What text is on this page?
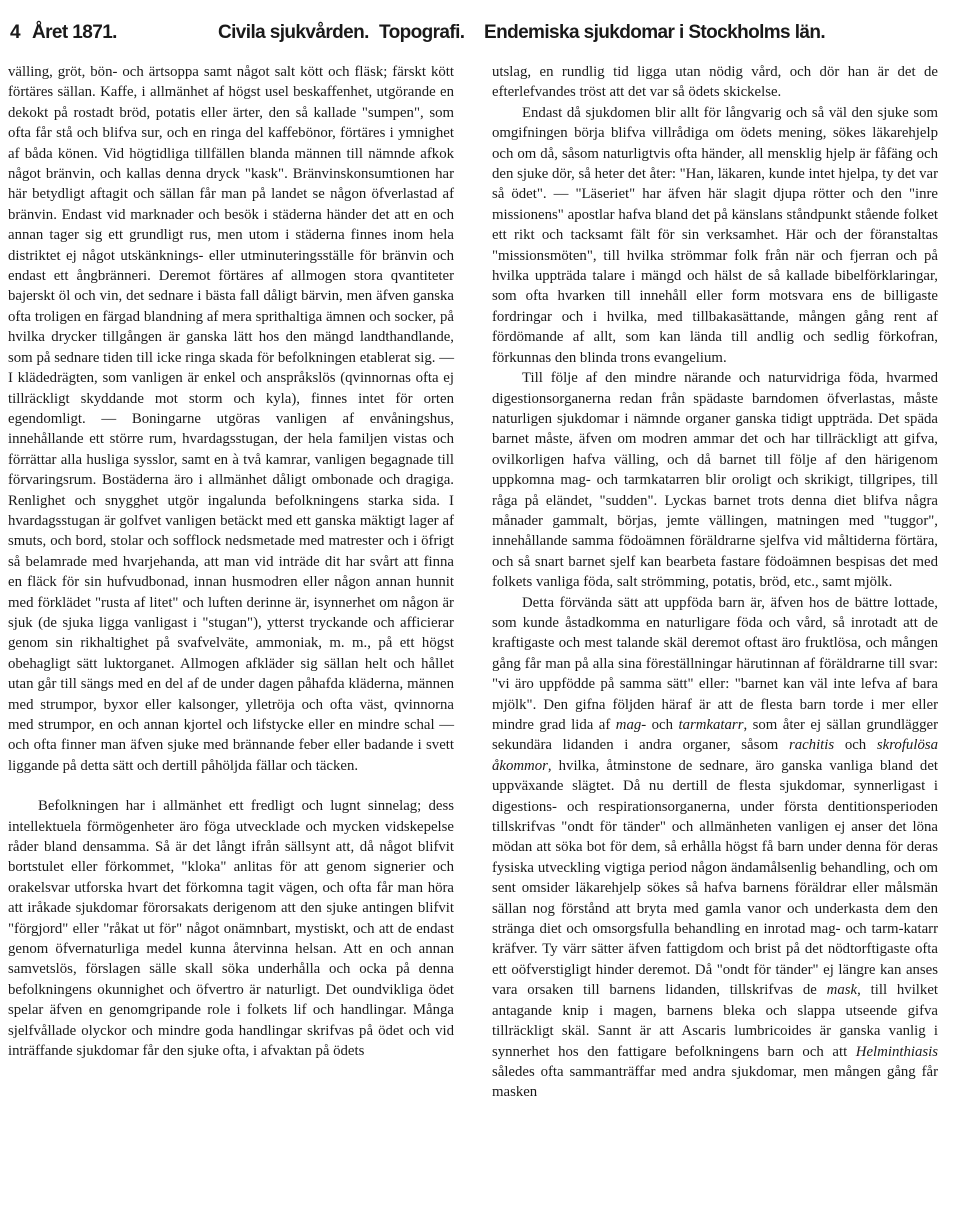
4 Året 1871.	Civila sjukvården. Topografi. Endemiska sjukdomar i Stockholms län.

välling, gröt, bön- och ärtsoppa samt något salt kött och fläsk; färskt kött förtäres sällan. Kaffe, i allmänhet af högst usel beskaffenhet, utgörande en dekokt på rostadt bröd, potatis eller ärter, den så kallade "sumpen", som ofta får stå och blifva sur, och en ringa del kaffebönor, förtäres i ymnighet af båda könen. Vid högtidliga tillfällen blanda männen till nämnde afkok något bränvin, och kallas denna dryck "kask". Bränvinskonsumtionen har här betydligt aftagit och sällan får man på landet se någon öfverlastad af bränvin. Endast vid marknader och besök i städerna händer det att en och annan tager sig ett grundligt rus, men utom i städerna finnes inom hela distriktet ej något utskänknings- eller utminuteringsställe för bränvin och endast ett ångbränneri. Deremot förtäres af allmogen stora qvantiteter bajerskt öl och vin, det sednare i bästa fall dåligt bärvin, men äfven ganska ofta troligen en färgad blandning af mera sprithaltiga ämnen och socker, på hvilka drycker tillgången är ganska lätt hos den mängd landthandlande, som på sednare tiden till icke ringa skada för befolkningen etablerat sig. — I klädedrägten, som vanligen är enkel och anspråkslös (qvinnornas ofta ej tillräckligt skyddande mot storm och kyla), finnes intet för orten egendomligt. — Boningarne utgöras vanligen af envåningshus, innehållande ett större rum, hvardagsstugan, der hela familjen vistas och förrättar alla husliga sysslor, samt en à två kamrar, vanligen begagnade till förvaringsrum. Bostäderna äro i allmänhet dåligt ombonade och dragiga. Renlighet och snygghet utgör ingalunda befolkningens starka sida. I hvardagsstugan är golfvet vanligen betäckt med ett ganska mäktigt lager af smuts, och bord, stolar och sofflock nedsmetade med matrester och i öfrigt så belamrade med hvarjehanda, att man vid inträde dit har svårt att finna en fläck för sin hufvudbonad, innan husmodren eller någon annan hunnit med förklädet "rusta af litet" och luften derinne är, isynnerhet om någon är sjuk (de sjuka ligga vanligast i "stugan"), ytterst tryckande och afficierar genom sin rikhaltighet på svafvelväte, ammoniak, m. m., på ett högst obehagligt sätt luktorganet. Allmogen afkläder sig sällan helt och hållet utan går till sängs med en del af de under dagen påhafda kläderna, männen med strumpor, byxor eller kalsonger, ylletröja och ofta väst, qvinnorna med strumpor, en och annan kjortel och lifstycke eller en mindre schal — och ofta finner man äfven sjuke med brännande feber eller badande i svett liggande på detta sätt och dertill påhöljda fällar och täcken.

Befolkningen har i allmänhet ett fredligt och lugnt sinnelag; dess intellektuela förmögenheter äro föga utvecklade och mycken vidskepelse råder bland densamma. Så är det långt ifrån sällsynt att, då något blifvit bortstulet eller förkommet, "kloka" anlitas för att genom signerier och orakelsvar utforska hvart det förkomna tagit vägen, och ofta får man höra att iråkade sjukdomar förorsakats derigenom att den sjuke antingen blifvit "förgjord" eller "råkat ut för" något onämnbart, mystiskt, och att de endast genom öfvernaturliga medel kunna återvinna helsan. Att en och annan samvetslös, förslagen sälle skall söka underhålla och ocka på denna befolkningens okunnighet och öfvertro är naturligt. Det oundvikliga ödet spelar äfven en genomgripande role i folkets lif och handlingar. Många sjelfvållade olyckor och mindre goda handlingar skrifvas på ödet och vid inträffande sjukdomar får den sjuke ofta, i afvaktan på ödets

utslag, en rundlig tid ligga utan nödig vård, och dör han är det de efterlefvandes tröst att det var så ödets skickelse.

Endast då sjukdomen blir allt för långvarig och så väl den sjuke som omgifningen börja blifva villrådiga om ödets mening, sökes läkarehjelp och om då, såsom naturligtvis ofta händer, all mensklig hjelp är fåfäng och den sjuke dör, så heter det åter: "Han, läkaren, kunde intet hjelpa, ty det var så ödet". — "Läseriet" har äfven här slagit djupa rötter och den "inre missionens" apostlar hafva bland det på känslans ståndpunkt stående folket ett rikt och tacksamt fält för sin verksamhet. Här och der föranstaltas "missionsmöten", till hvilka strömmar folk från när och fjerran och på hvilka uppträda talare i mängd och hälst de så kallade bibelförklaringar, som ofta hvarken till innehåll eller form motsvara ens de billigaste fordringar och i hvilka, med tillbakasättande, mången gång rent af fördömande af allt, som kan lända till andlig och sedlig förkofran, förkunnas den blinda trons evangelium.

Till följe af den mindre närande och naturvidriga föda, hvarmed digestionsorganerna redan från spädaste barndomen öfverlastas, måste naturligen sjukdomar i nämnde organer ganska tidigt uppträda. Det späda barnet måste, äfven om modren ammar det och har tillräckligt att gifva, ovilkorligen hafva välling, och då barnet till följe af den härigenom uppkomna mag- och tarmkatarren blir oroligt och skrikigt, tillgripes, till råga på eländet, "sudden". Lyckas barnet trots denna diet blifva några månader gammalt, börjas, jemte vällingen, matningen med "tuggor", innehållande samma födoämnen föräldrarne sjelfva vid måltiderna förtära, och så snart barnet sjelf kan bearbeta fastare födoämnen bespisas det med folkets vanliga föda, salt strömming, potatis, bröd, etc., samt mjölk.

Detta förvända sätt att uppföda barn är, äfven hos de bättre lottade, som kunde åstadkomma en naturligare föda och vård, så inrotadt att de kraftigaste och mest talande skäl deremot oftast äro fruktlösa, och mången gång får man på alla sina föreställningar härutinnan af föräldrarne till svar: "vi äro uppfödde på samma sätt" eller: "barnet kan väl inte lefva af bara mjölk". Den gifna följden häraf är att de flesta barn torde i mer eller mindre grad lida af mag- och tarmkatarr, som åter ej sällan grundlägger sekundära lidanden i andra organer, såsom rachitis och skrofulösa åkommor, hvilka, åtminstone de sednare, äro ganska vanliga bland det uppväxande slägtet. Då nu dertill de flesta sjukdomar, synnerligast i digestions- och respirationsorganerna, under första dentitionsperioden tillskrifvas "ondt för tänder" och allmänheten vanligen ej anser det löna mödan att söka bot för dem, så erhålla högst få barn under denna för deras fysiska utveckling vigtiga period någon ändamålsenlig behandling, och om sent omsider läkarehjelp sökes så hafva barnens föräldrar eller målsmän sällan nog förstånd att bryta med gamla vanor och underkasta dem den stränga diet och omsorgsfulla behandling en inrotad mag- och tarm-katarr kräfver. Ty värr sätter äfven fattigdom och brist på det nödtorftigaste ofta ett oöfverstigligt hinder deremot. Då "ondt för tänder" ej längre kan anses vara orsaken till barnens lidanden, tillskrifvas de mask, till hvilket antagande knip i magen, barnens bleka och slappa utseende gifva tillräckligt skäl. Sannt är att Ascaris lumbricoides är ganska vanlig i synnerhet hos den fattigare befolkningens barn och att Helminthiasis således ofta sammanträffar med andra sjukdomar, men mången gång får masken
